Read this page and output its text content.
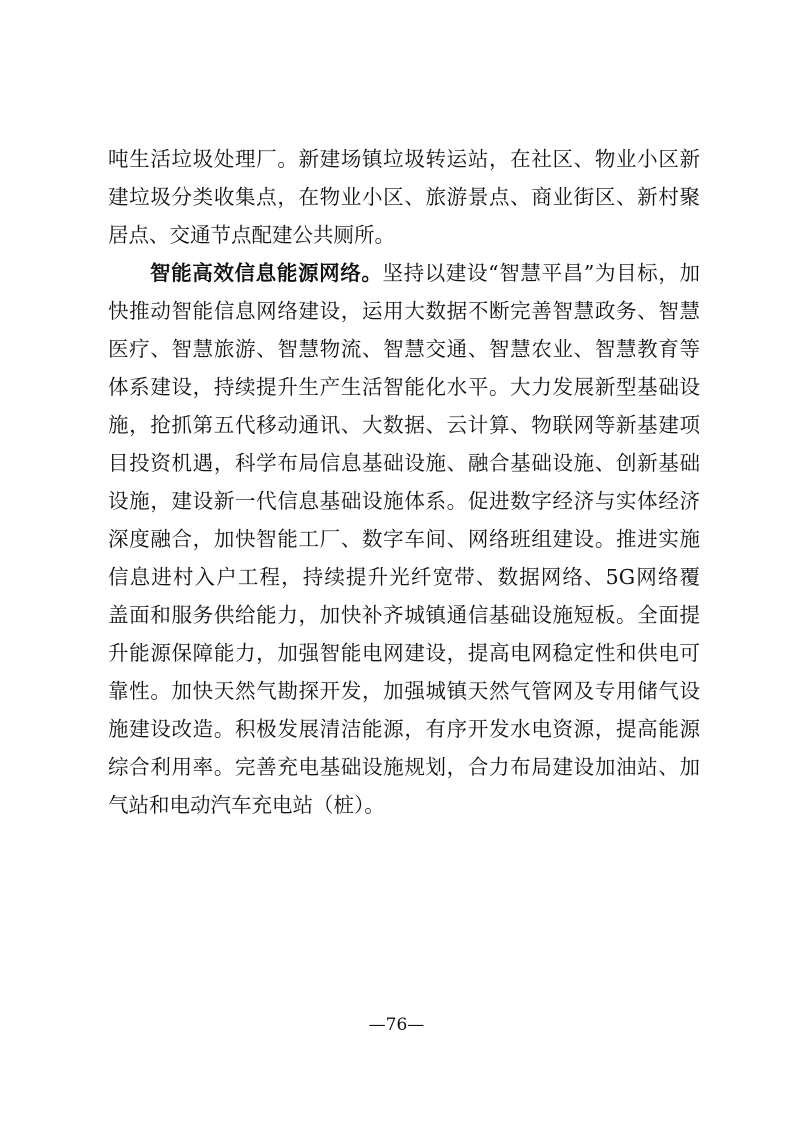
吨生活垃圾处理厂。新建场镇垃圾转运站，在社区、物业小区新
建垃圾分类收集点，在物业小区、旅游景点、商业街区、新村聚
居点、交通节点配建公共厕所。
智能高效信息能源网络。坚持以建设“智慧平昌”为目标，加
快推动智能信息网络建设，运用大数据不断完善智慧政务、智慧
医疗、智慧旅游、智慧物流、智慧交通、智慧农业、智慧教育等
体系建设，持续提升生产生活智能化水平。大力发展新型基础设
施，抢抓第五代移动通讯、大数据、云计算、物联网等新基建项
目投资机遇，科学布局信息基础设施、融合基础设施、创新基础
设施，建设新一代信息基础设施体系。促进数字经济与实体经济
深度融合，加快智能工厂、数字车间、网络班组建设。推进实施
信息进村入户工程，持续提升光纤宽带、数据网络、5G网络覆
盖面和服务供给能力，加快补齐城镇通信基础设施短板。全面提
升能源保障能力，加强智能电网建设，提高电网稳定性和供电可
靠性。加快天然气勘探开发，加强城镇天然气管网及专用储气设
施建设改造。积极发展清洁能源，有序开发水电资源，提高能源
综合利用率。完善充电基础设施规划，合力布局建设加油站、加
气站和电动汽车充电站（桩）。
—76—
